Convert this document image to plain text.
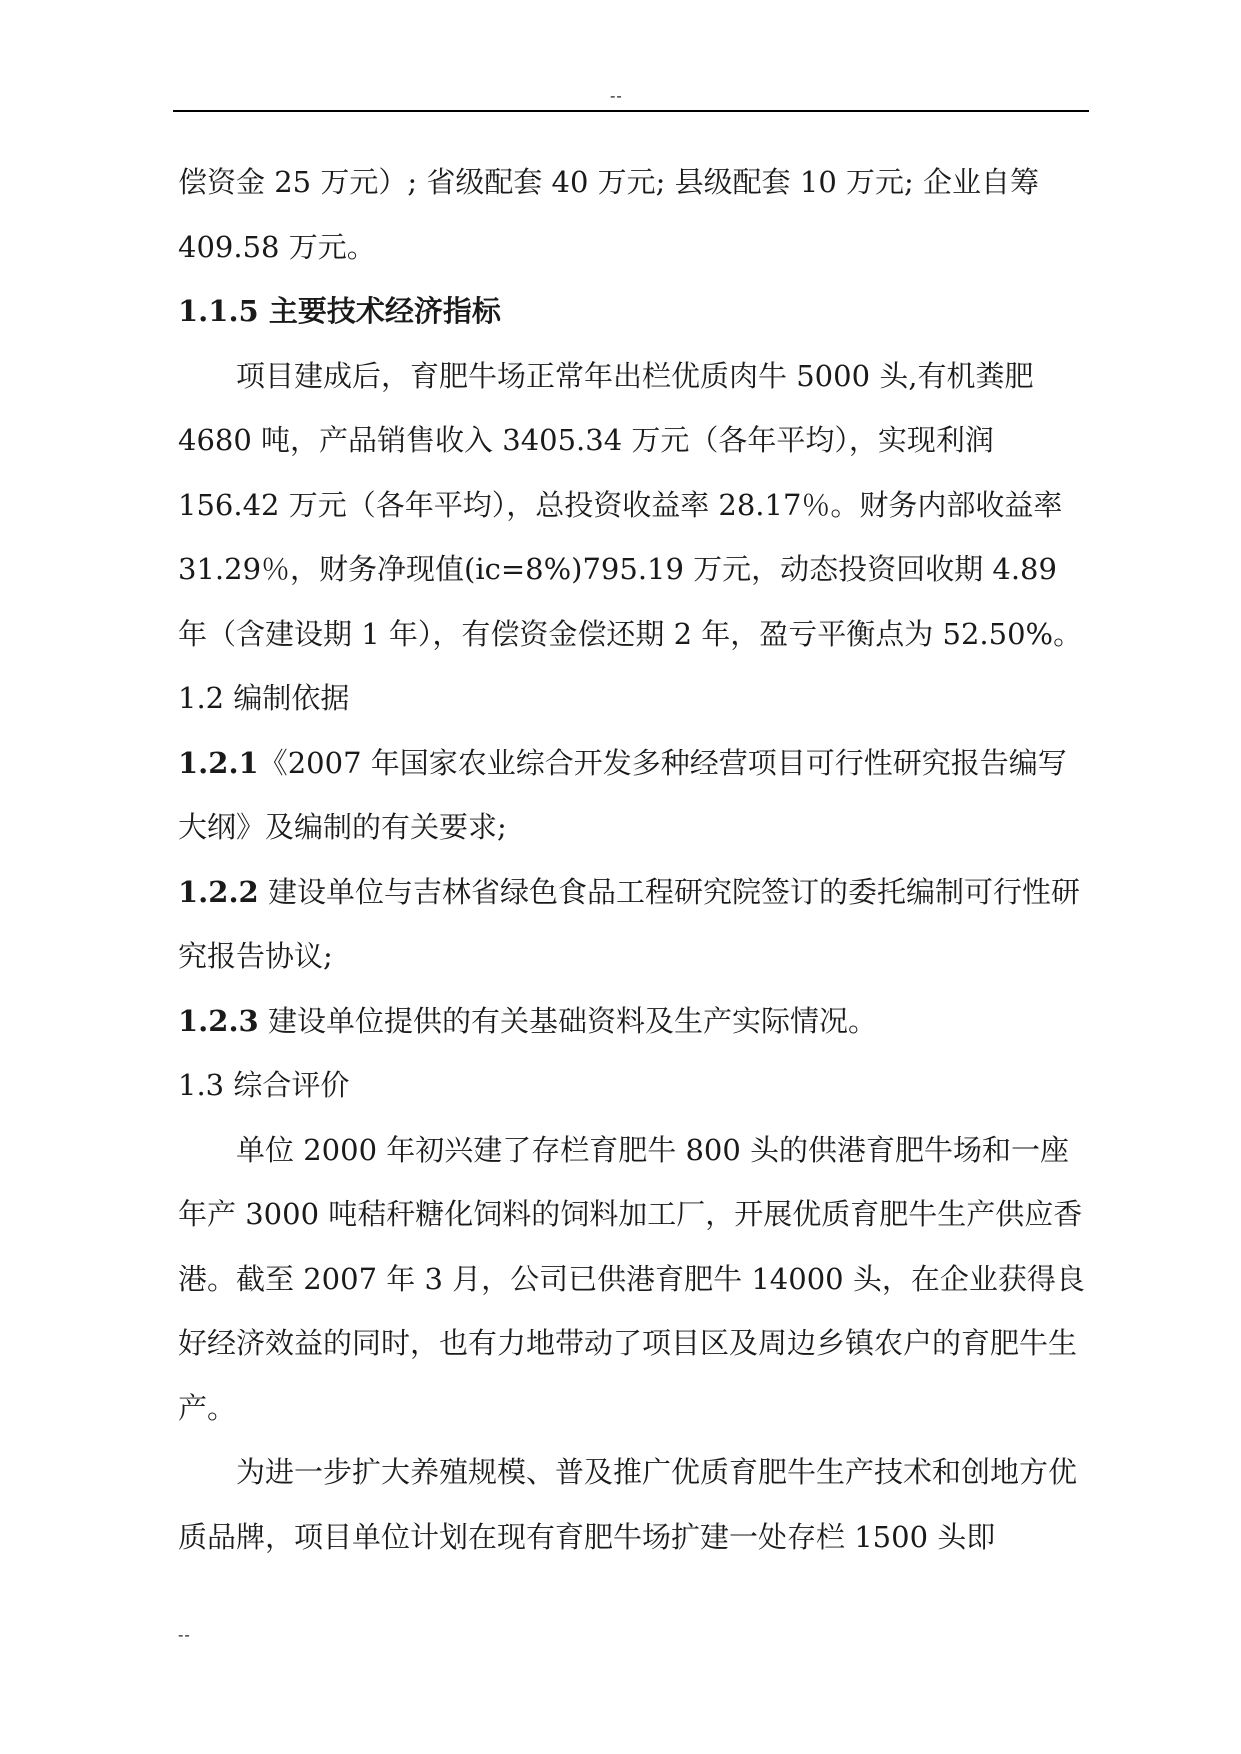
--

偿资金 25 万元）; 省级配套 40 万元; 县级配套 10 万元; 企业自筹 409.58 万元。

1.1.5 主要技术经济指标

项目建成后，育肥牛场正常年出栏优质肉牛 5000 头,有机粪肥 4680 吨，产品销售收入 3405.34 万元（各年平均），实现利润 156.42 万元（各年平均），总投资收益率 28.17％。财务内部收益率 31.29％，财务净现值(ic=8%)795.19 万元，动态投资回收期 4.89 年（含建设期 1 年），有偿资金偿还期 2 年，盈亏平衡点为 52.50%。

1.2 编制依据

1.2.1《2007 年国家农业综合开发多种经营项目可行性研究报告编写大纲》及编制的有关要求;

1.2.2 建设单位与吉林省绿色食品工程研究院签订的委托编制可行性研究报告协议;

1.2.3 建设单位提供的有关基础资料及生产实际情况。

1.3 综合评价

单位 2000 年初兴建了存栏育肥牛 800 头的供港育肥牛场和一座年产 3000 吨秸秆糖化饲料的饲料加工厂，开展优质育肥牛生产供应香港。截至 2007 年 3 月，公司已供港育肥牛 14000 头，在企业获得良好经济效益的同时，也有力地带动了项目区及周边乡镇农户的育肥牛生产。

为进一步扩大养殖规模、普及推广优质育肥牛生产技术和创地方优质品牌，项目单位计划在现有育肥牛场扩建一处存栏 1500 头即

--
